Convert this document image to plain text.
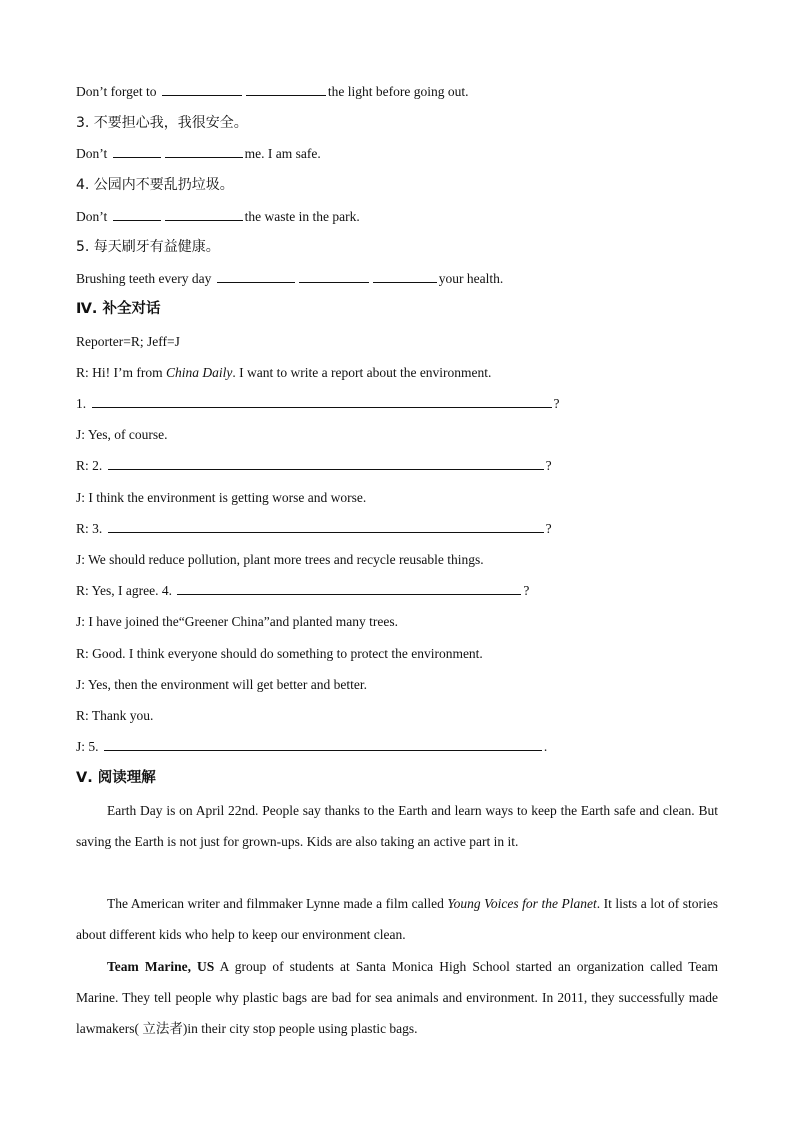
Don’t forget to	the light before going out.
3. 不要担心我，我很安全。
Don’t	me. I am safe.
4. 公园内不要乱扔垃圾。
Don’t	the waste in the park.
5. 每天刷牙有益健康。
Brushing teeth every day	your health.
Ⅳ. 补全对话
Reporter=R; Jeff=J
R: Hi! I’m from China Daily. I want to write a report about the environment.
1.	?
J: Yes, of course.
R: 2.	?
J: I think the environment is getting worse and worse.
R: 3.	?
J: We should reduce pollution, plant more trees and recycle reusable things.
R: Yes, I agree. 4.	?
J: I have joined the“Greener China”and planted many trees.
R: Good. I think everyone should do something to protect the environment.
J: Yes, then the environment will get better and better.
R: Thank you.
J: 5.	.
Ⅴ. 阅读理解
Earth Day is on April 22nd. People say thanks to the Earth and learn ways to keep the Earth safe and clean. But saving the Earth is not just for grown-ups. Kids are also taking an active part in it.
The American writer and filmmaker Lynne made a film called Young Voices for the Planet. It lists a lot of stories about different kids who help to keep our environment clean.
Team Marine, US A group of students at Santa Monica High School started an organization called Team Marine. They tell people why plastic bags are bad for sea animals and environment. In 2011, they successfully made lawmakers( 立法者)in their city stop people using plastic bags.
